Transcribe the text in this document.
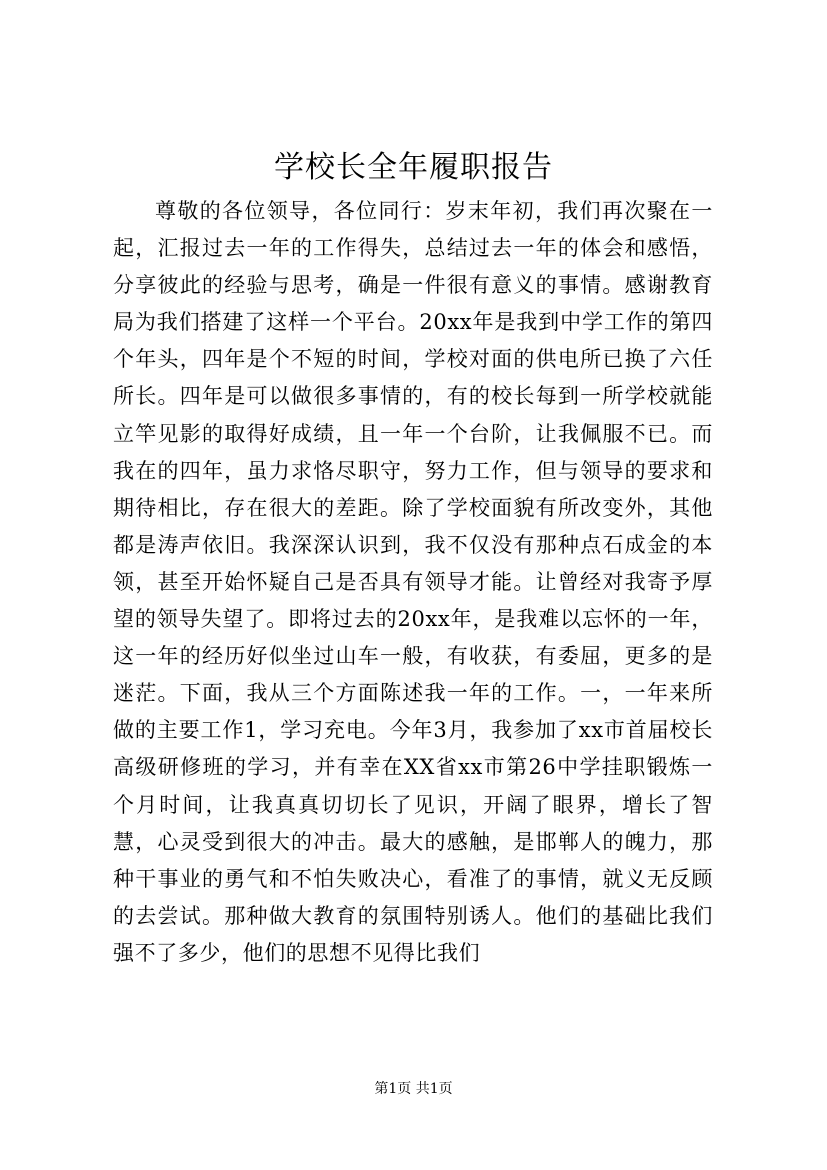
学校长全年履职报告

尊敬的各位领导，各位同行：岁末年初，我们再次聚在一起，汇报过去一年的工作得失，总结过去一年的体会和感悟，分享彼此的经验与思考，确是一件很有意义的事情。感谢教育局为我们搭建了这样一个平台。20xx年是我到中学工作的第四个年头，四年是个不短的时间，学校对面的供电所已换了六任所长。四年是可以做很多事情的，有的校长每到一所学校就能立竿见影的取得好成绩，且一年一个台阶，让我佩服不已。而我在的四年，虽力求恪尽职守，努力工作，但与领导的要求和期待相比，存在很大的差距。除了学校面貌有所改变外，其他都是涛声依旧。我深深认识到，我不仅没有那种点石成金的本领，甚至开始怀疑自己是否具有领导才能。让曾经对我寄予厚望的领导失望了。即将过去的20xx年，是我难以忘怀的一年，这一年的经历好似坐过山车一般，有收获，有委屈，更多的是迷茫。下面，我从三个方面陈述我一年的工作。一，一年来所做的主要工作1，学习充电。今年3月，我参加了xx市首届校长高级研修班的学习，并有幸在XX省xx市第26中学挂职锻炼一个月时间，让我真真切切长了见识，开阔了眼界，增长了智慧，心灵受到很大的冲击。最大的感触，是邯郸人的魄力，那种干事业的勇气和不怕失败决心，看准了的事情，就义无反顾的去尝试。那种做大教育的氛围特别诱人。他们的基础比我们强不了多少，他们的思想不见得比我们

第1页 共1页
